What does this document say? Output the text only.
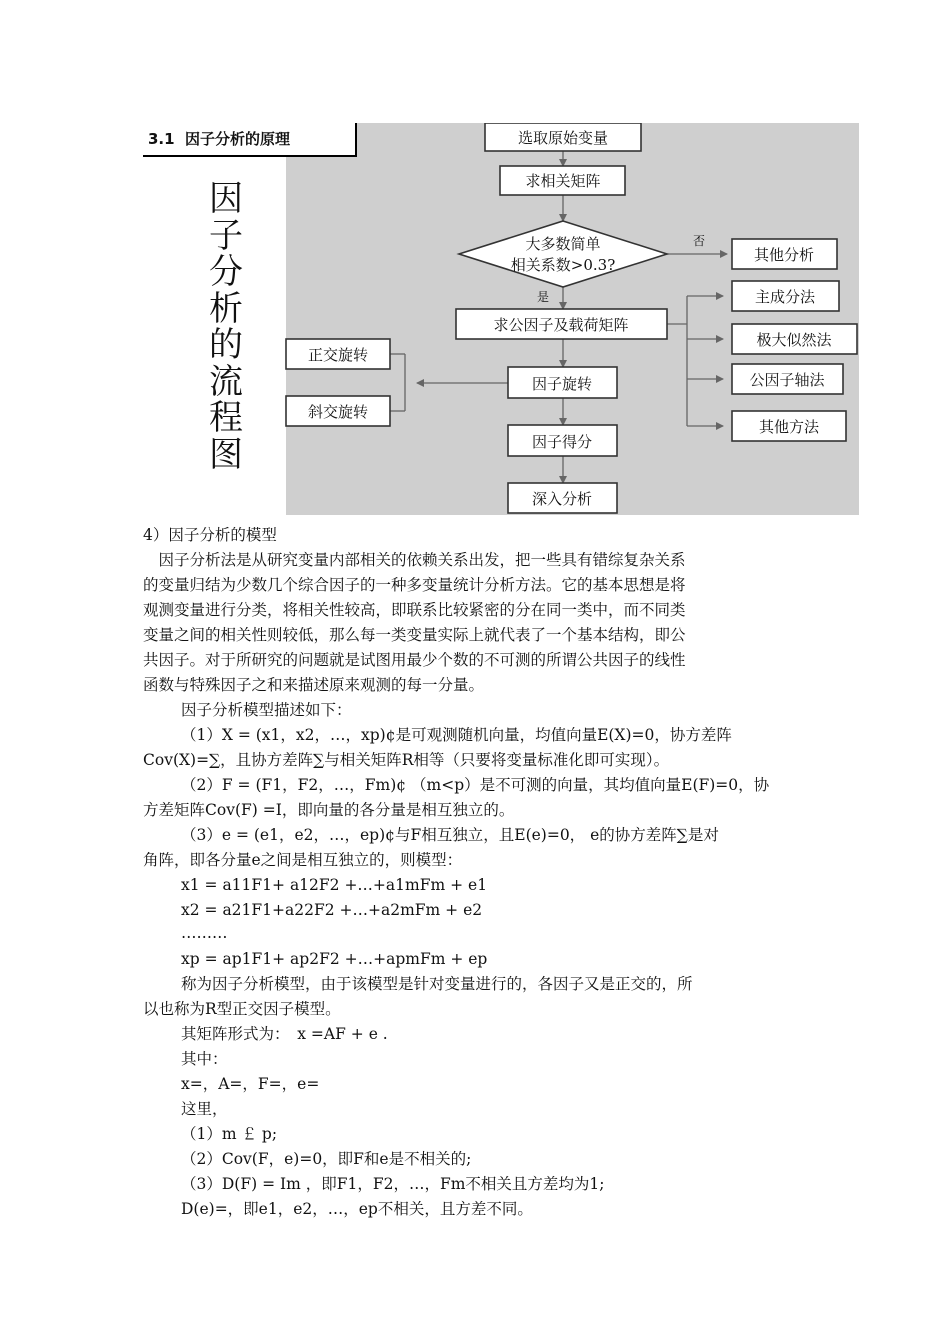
3.1  因子分析的原理
因子分析的流程图
选取原始变量
求相关矩阵
大多数简单
相关系数>0.3?
其他分析
求公因子及载荷矩阵
主成分法
极大似然法
公因子轴法
其他方法
因子旋转
正交旋转
斜交旋转
因子得分
深入分析
否
是
4）因子分析的模型
　因子分析法是从研究变量内部相关的依赖关系出发，把一些具有错综复杂关系
的变量归结为少数几个综合因子的一种多变量统计分析方法。它的基本思想是将
观测变量进行分类，将相关性较高，即联系比较紧密的分在同一类中，而不同类
变量之间的相关性则较低，那么每一类变量实际上就代表了一个基本结构，即公
共因子。对于所研究的问题就是试图用最少个数的不可测的所谓公共因子的线性
函数与特殊因子之和来描述原来观测的每一分量。
因子分析模型描述如下：
（1）X = (x1，x2，…，xp)¢是可观测随机向量，均值向量E(X)=0，协方差阵
Cov(X)=∑，且协方差阵∑与相关矩阵R相等（只要将变量标准化即可实现）。
（2）F = (F1，F2，…，Fm)¢ （m<p）是不可测的向量，其均值向量E(F)=0，协
方差矩阵Cov(F) =I，即向量的各分量是相互独立的。
（3）e = (e1，e2，…，ep)¢与F相互独立，且E(e)=0， e的协方差阵∑是对
角阵，即各分量e之间是相互独立的，则模型：
x1 = a11F1+ a12F2 +…+a1mFm + e1
x2 = a21F1+a22F2 +…+a2mFm + e2
………
xp = ap1F1+ ap2F2 +…+apmFm + ep
称为因子分析模型，由于该模型是针对变量进行的，各因子又是正交的，所
以也称为R型正交因子模型。
其矩阵形式为：　x =AF + e .
其中：
x=，A=，F=，e=
这里，
（1）m ￡ p;
（2）Cov(F，e)=0，即F和e是不相关的;
（3）D(F) = Im ，即F1，F2，…，Fm不相关且方差均为1;
D(e)=，即e1，e2，…，ep不相关，且方差不同。
